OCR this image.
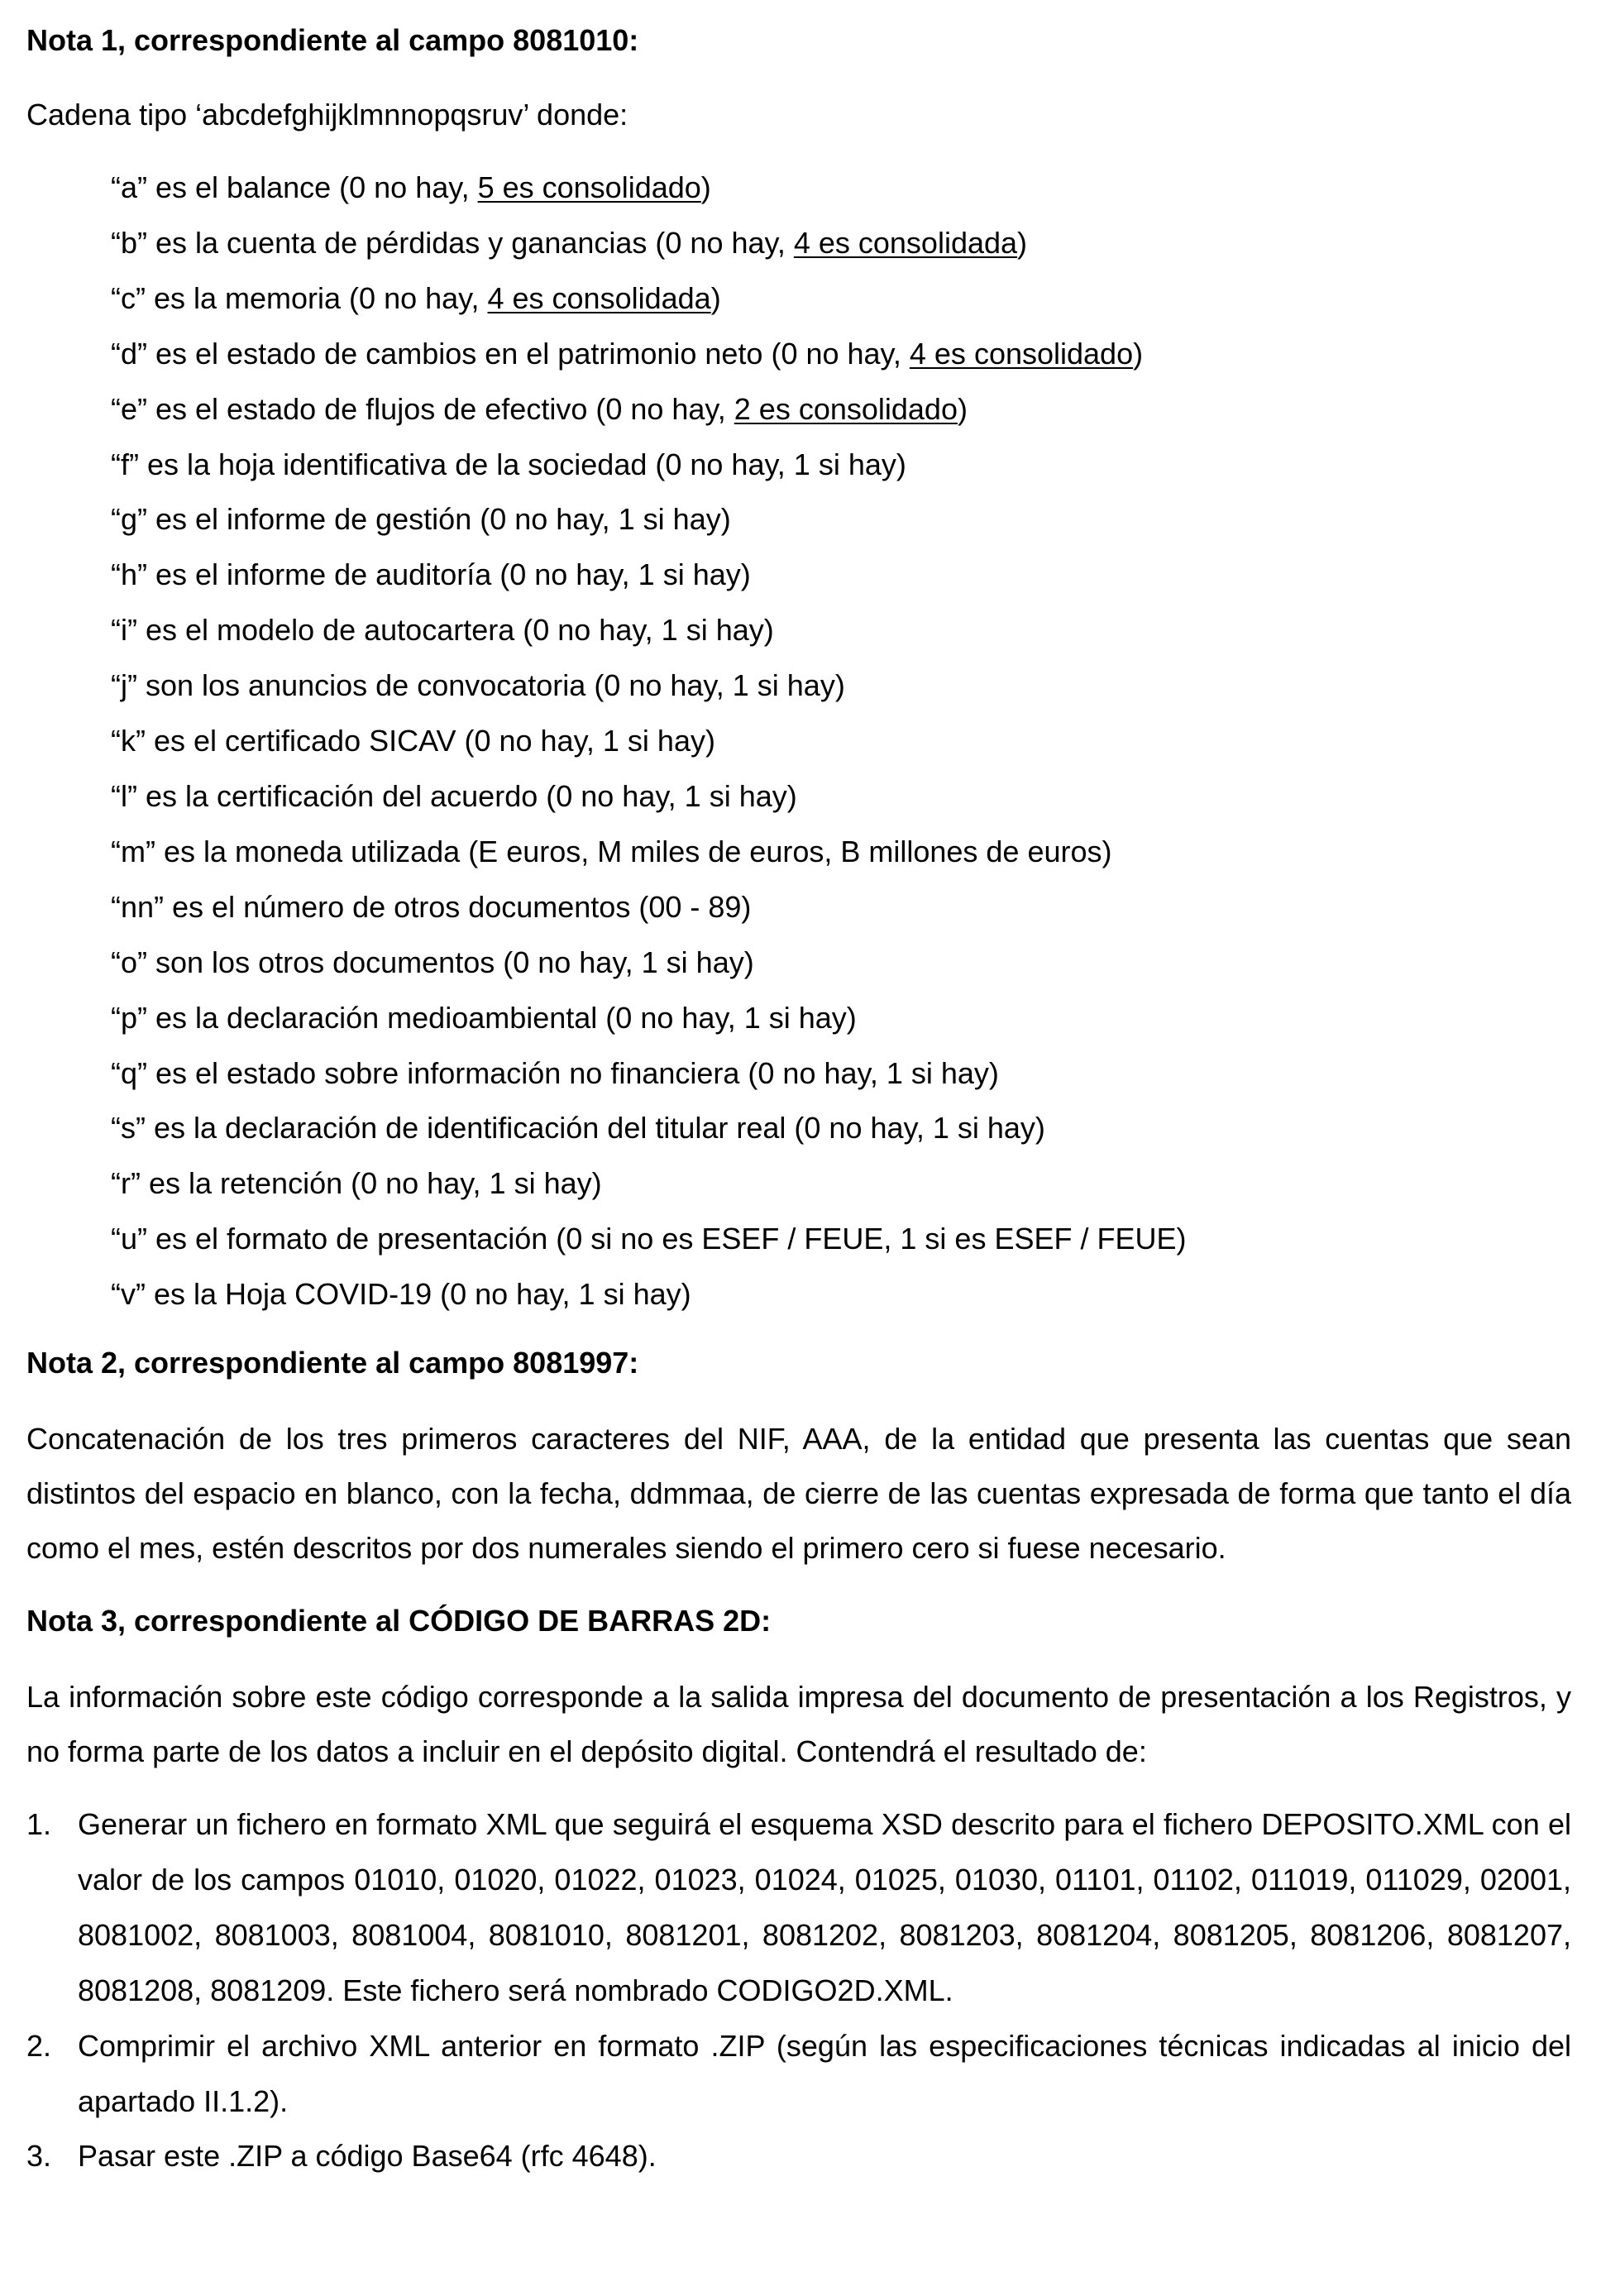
Nota 1, correspondiente al campo 8081010:

Cadena tipo ‘abcdefghijklmnnopqsruv’ donde:

“a” es el balance (0 no hay, 5 es consolidado)
“b” es la cuenta de pérdidas y ganancias (0 no hay, 4 es consolidada)
“c” es la memoria (0 no hay, 4 es consolidada)
“d” es el estado de cambios en el patrimonio neto (0 no hay, 4 es consolidado)
“e” es el estado de flujos de efectivo (0 no hay, 2 es consolidado)
“f” es la hoja identificativa de la sociedad (0 no hay, 1 si hay)
“g” es el informe de gestión (0 no hay, 1 si hay)
“h” es el informe de auditoría (0 no hay, 1 si hay)
“i” es el modelo de autocartera (0 no hay, 1 si hay)
“j” son los anuncios de convocatoria (0 no hay, 1 si hay)
“k” es el certificado SICAV (0 no hay, 1 si hay)
“l” es la certificación del acuerdo (0 no hay, 1 si hay)
“m” es la moneda utilizada (E euros, M miles de euros, B millones de euros)
“nn” es el número de otros documentos (00 - 89)
“o” son los otros documentos (0 no hay, 1 si hay)
“p” es la declaración medioambiental (0 no hay, 1 si hay)
“q” es el estado sobre información no financiera (0 no hay, 1 si hay)
“s” es la declaración de identificación del titular real (0 no hay, 1 si hay)
“r” es la retención (0 no hay, 1 si hay)
“u” es el formato de presentación (0 si no es ESEF / FEUE, 1 si es ESEF / FEUE)
“v” es la Hoja COVID-19 (0 no hay, 1 si hay)

Nota 2, correspondiente al campo 8081997:

Concatenación de los tres primeros caracteres del NIF, AAA, de la entidad que presenta las cuentas que sean distintos del espacio en blanco, con la fecha, ddmmaa, de cierre de las cuentas expresada de forma que tanto el día como el mes, estén descritos por dos numerales siendo el primero cero si fuese necesario.

Nota 3, correspondiente al CÓDIGO DE BARRAS 2D:

La información sobre este código corresponde a la salida impresa del documento de presentación a los Registros, y no forma parte de los datos a incluir en el depósito digital. Contendrá el resultado de:

1. Generar un fichero en formato XML que seguirá el esquema XSD descrito para el fichero DEPOSITO.XML con el valor de los campos 01010, 01020, 01022, 01023, 01024, 01025, 01030, 01101, 01102, 011019, 011029, 02001, 8081002, 8081003, 8081004, 8081010, 8081201, 8081202, 8081203, 8081204, 8081205, 8081206, 8081207, 8081208, 8081209. Este fichero será nombrado CODIGO2D.XML.
2. Comprimir el archivo XML anterior en formato .ZIP (según las especificaciones técnicas indicadas al inicio del apartado II.1.2).
3. Pasar este .ZIP a código Base64 (rfc 4648).
